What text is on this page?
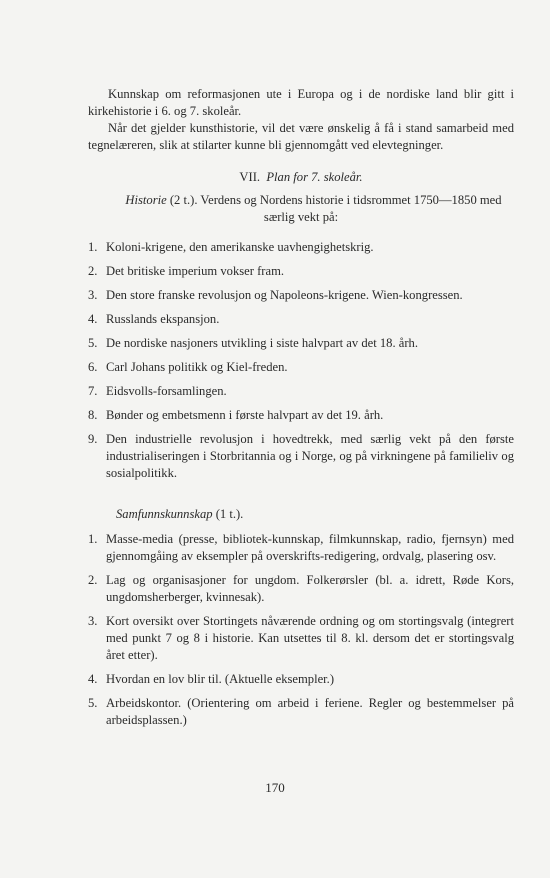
Kunnskap om reformasjonen ute i Europa og i de nordiske land blir gitt i kirkehistorie i 6. og 7. skoleår.

Når det gjelder kunsthistorie, vil det være ønskelig å få i stand samarbeid med tegnelæreren, slik at stilarter kunne bli gjennomgått ved elevtegninger.

VII. Plan for 7. skoleår.

Historie (2 t.). Verdens og Nordens historie i tidsrommet 1750—1850 med særlig vekt på:

1. Koloni-krigene, den amerikanske uavhengighetskrig.
2. Det britiske imperium vokser fram.
3. Den store franske revolusjon og Napoleons-krigene. Wien-kongressen.
4. Russlands ekspansjon.
5. De nordiske nasjoners utvikling i siste halvpart av det 18. årh.
6. Carl Johans politikk og Kiel-freden.
7. Eidsvolls-forsamlingen.
8. Bønder og embetsmenn i første halvpart av det 19. årh.
9. Den industrielle revolusjon i hovedtrekk, med særlig vekt på den første industrialiseringen i Storbritannia og i Norge, og på virkningene på familieliv og sosialpolitikk.

Samfunnskunnskap (1 t.).

1. Masse-media (presse, bibliotek-kunnskap, filmkunnskap, radio, fjernsyn) med gjennomgåing av eksempler på overskrifts-redigering, ordvalg, plasering osv.
2. Lag og organisasjoner for ungdom. Folkerørsler (bl. a. idrett, Røde Kors, ungdomsherberger, kvinnesak).
3. Kort oversikt over Stortingets nåværende ordning og om stortingsvalg (integrert med punkt 7 og 8 i historie. Kan utsettes til 8. kl. dersom det er stortingsvalg året etter).
4. Hvordan en lov blir til. (Aktuelle eksempler.)
5. Arbeidskontor. (Orientering om arbeid i feriene. Regler og bestemmelser på arbeidsplassen.)
170
